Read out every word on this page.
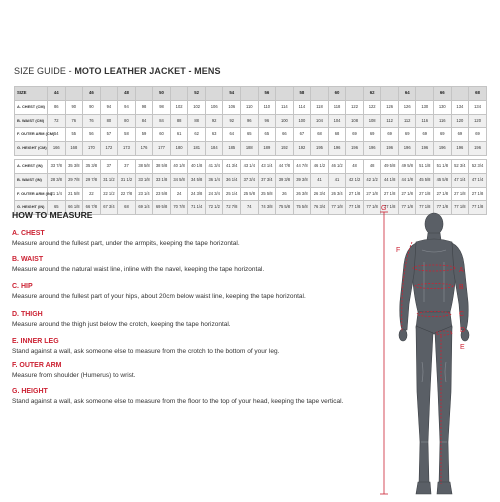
SIZE GUIDE - MOTO LEATHER JACKET - MENS
SIZE	44		46		48		50		52		54		56		58		60		62		64		66		68
A. CHEST (CM)	86	90	90	94	94	98	98	102	102	106	106	110	110	114	114	118	118	122	122	126	126	130	130	134	134
B. WAIST (CM)	72	76	76	80	80	84	84	88	88	92	92	96	96	100	100	104	104	108	108	112	112	116	116	120	120
F. OUTER ARM (CM)	54	55	56	57	58	59	60	61	62	63	64	65	65	66	67	68	68	69	69	69	69	69	69	69	69
G. HEIGHT (CM)	166	168	170	172	173	176	177	180	181	184	185	188	189	192	192	195	196	196	196	196	196	196	196	196	196

A. CHEST (IN)	33 7/8	35 3/8	35 3/8	37	37	38 5/8	38 5/8	40 1/8	40 1/8	41 3/4	41 3/4	43 1/4	43 1/4	44 7/8	44 7/8	46 1/2	46 1/2	48	48	49 5/8	49 5/8	51 1/8	51 1/8	52 3/4	52 3/4
B. WAIST (IN)	28 3/8	29 7/8	29 7/8	31 1/2	31 1/2	33 1/8	33 1/8	34 5/8	34 5/8	36 1/4	36 1/4	37 3/4	37 3/4	39 3/8	39 3/8	41	41	42 1/2	42 1/2	44 1/8	44 1/8	45 5/8	45 5/8	47 1/4	47 1/4
F. OUTER ARM (IN)	21 1/4	21 5/8	22	22 1/2	22 7/8	23 1/4	23 5/8	24	24 3/8	24 3/4	25 1/4	25 5/8	25 5/8	26	26 3/8	26 3/4	26 3/4	27 1/8	27 1/8	27 1/8	27 1/8	27 1/8	27 1/8	27 1/8	27 1/8
G. HEIGHT (IN)	65	66 1/8	66 7/8	67 3/4	68	69 1/4	69 5/8	70 7/8	71 1/4	72 1/2	72 7/8	74	74 3/8	75 5/8	75 5/8	76 3/4	77 1/8	77 1/8	77 1/8	77 1/8	77 1/8	77 1/8	77 1/8	77 1/8	77 1/8
HOW TO MEASURE
A. CHEST
Measure around the fullest part, under the armpits, keeping the tape horizontal.
B. WAIST
Measure around the natural waist line, inline with the navel, keeping the tape horizontal.
C. HIP
Measure around the fullest part of your hips, about 20cm below waist line, keeping the tape horizontal.
D. THIGH
Measure around the thigh just below the crotch, keeping the tape horizontal.
E. INNER LEG
Stand against a wall, ask someone else to measure from the crotch to the bottom of your leg.
F. OUTER ARM
Measure from shoulder (Humerus) to wrist.
G. HEIGHT
Stand against a wall, ask someone else to measure from the floor to the top of your head, keeping the tape vertical.
G
F
A
B
C
D
E
